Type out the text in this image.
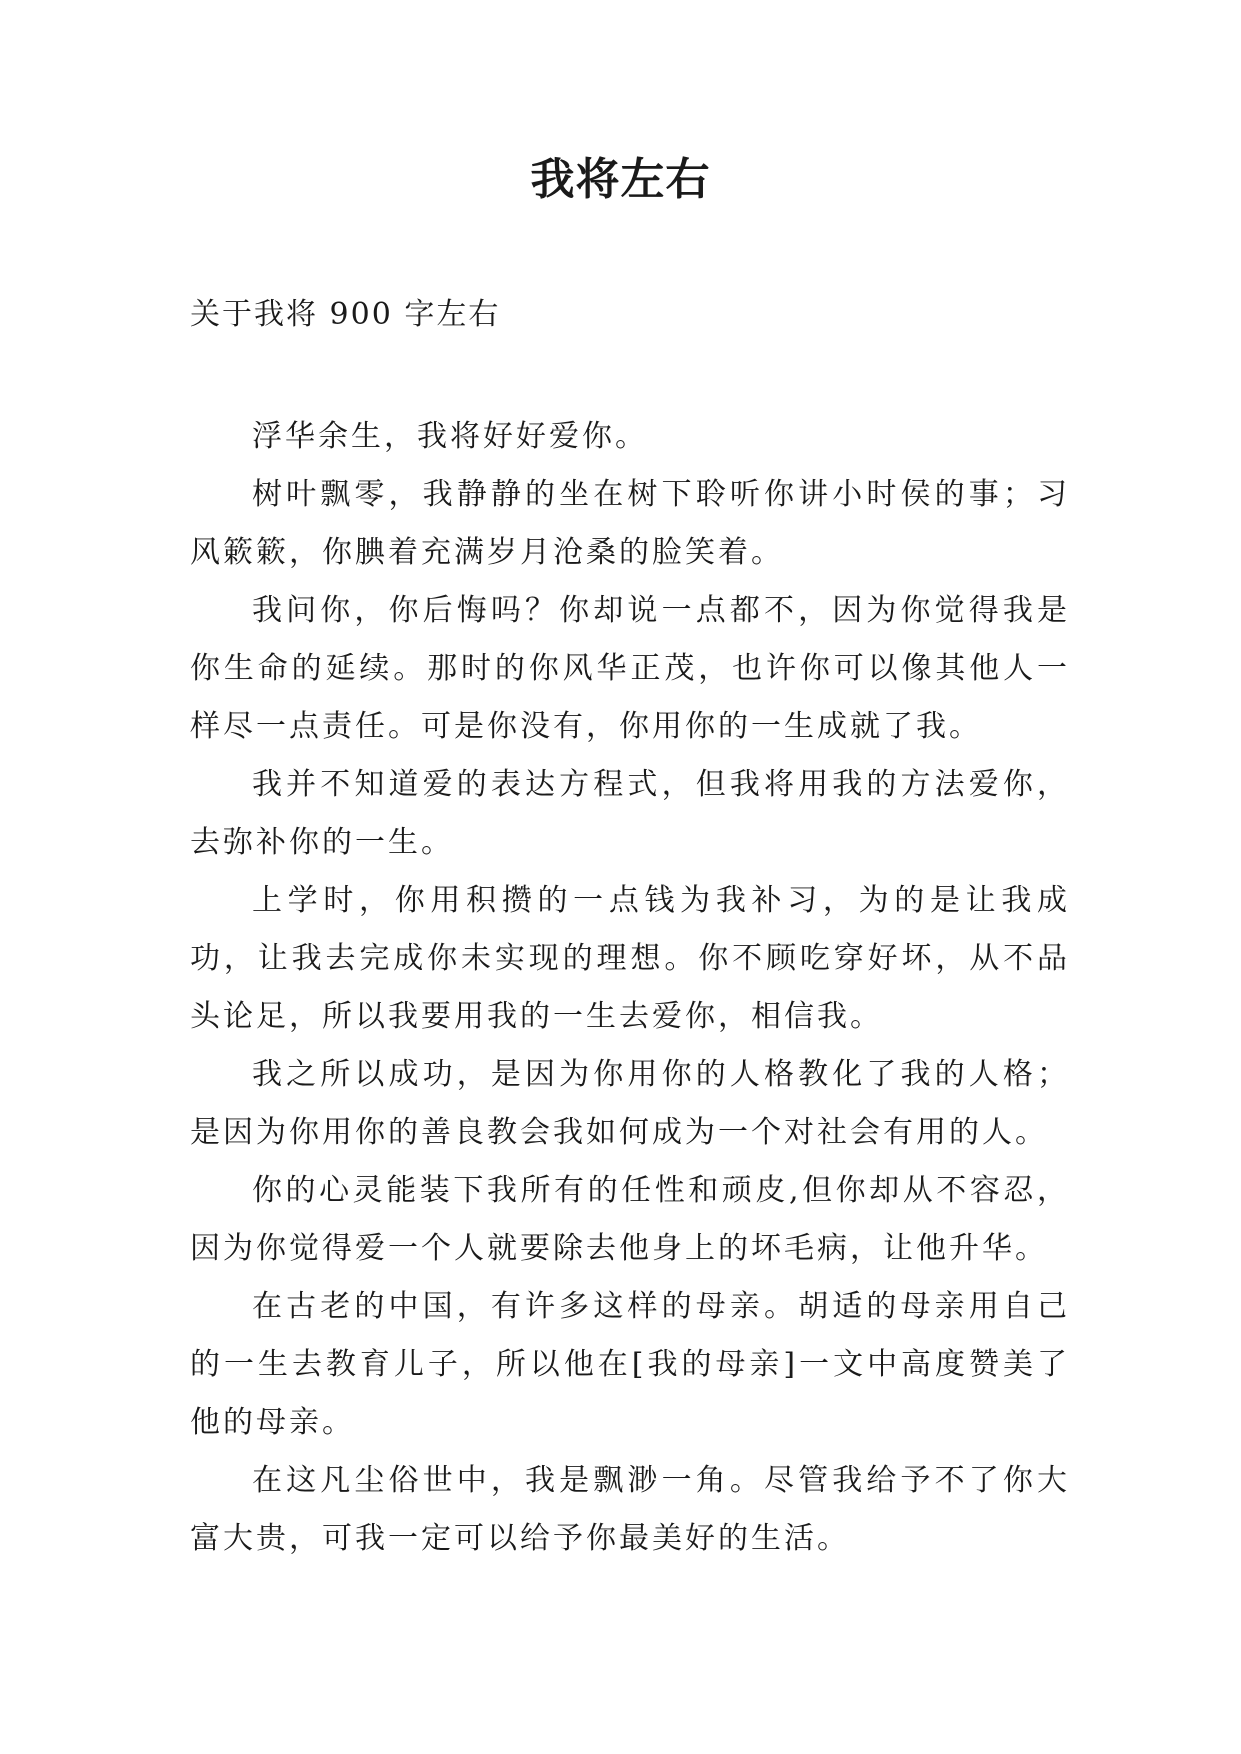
我将左右

关于我将 900 字左右

浮华余生，我将好好爱你。

树叶飘零，我静静的坐在树下聆听你讲小时侯的事；习风簌簌，你腆着充满岁月沧桑的脸笑着。

我问你，你后悔吗？你却说一点都不，因为你觉得我是你生命的延续。那时的你风华正茂，也许你可以像其他人一样尽一点责任。可是你没有，你用你的一生成就了我。

我并不知道爱的表达方程式，但我将用我的方法爱你，去弥补你的一生。

上学时，你用积攒的一点钱为我补习，为的是让我成功，让我去完成你未实现的理想。你不顾吃穿好坏，从不品头论足，所以我要用我的一生去爱你，相信我。

我之所以成功，是因为你用你的人格教化了我的人格；是因为你用你的善良教会我如何成为一个对社会有用的人。

你的心灵能装下我所有的任性和顽皮,但你却从不容忍，因为你觉得爱一个人就要除去他身上的坏毛病，让他升华。

在古老的中国，有许多这样的母亲。胡适的母亲用自己的一生去教育儿子，所以他在[我的母亲]一文中高度赞美了他的母亲。

在这凡尘俗世中，我是飘渺一角。尽管我给予不了你大富大贵，可我一定可以给予你最美好的生活。
